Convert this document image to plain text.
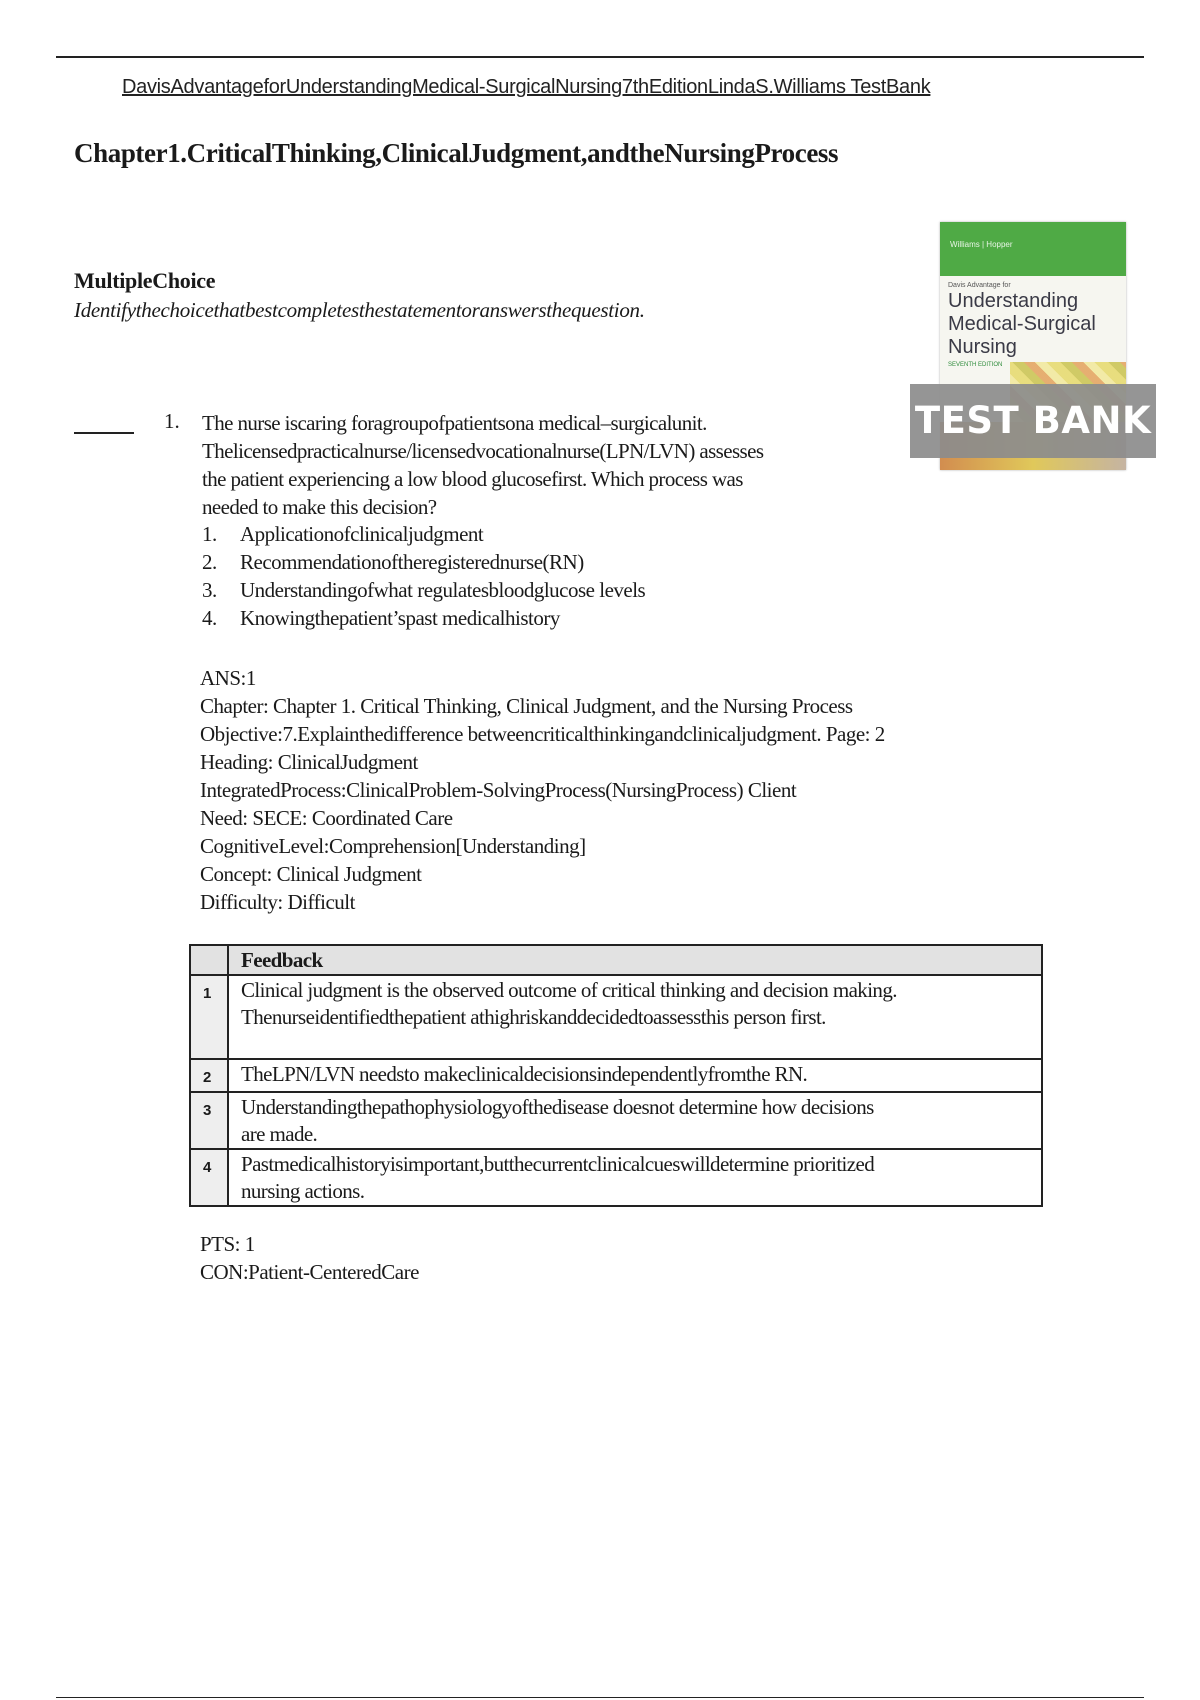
DavisAdvantageforUnderstandingMedical-SurgicalNursing7thEditionLindaS.Williams TestBank
Chapter1.CriticalThinking,ClinicalJudgment,andtheNursingProcess
MultipleChoice
Identifythechoicethatbestcompletesthestatementoranswersthequestion.
Williams | Hopper
Davis Advantage for
Understanding
Medical-Surgical
Nursing
SEVENTH EDITION
TEST BANK
1. The nurse iscaring foragroupofpatientsona medical–surgicalunit.
Thelicensedpracticalnurse/licensedvocationalnurse(LPN/LVN) assesses
the patient experiencing a low blood glucosefirst. Which process was
needed to make this decision?
1.	Applicationofclinicaljudgment
2.	Recommendationoftheregisterednurse(RN)
3.	Understandingofwhat regulatesbloodglucose levels
4.	Knowingthepatient’spast medicalhistory
ANS:1
Chapter: Chapter 1. Critical Thinking, Clinical Judgment, and the Nursing Process
Objective:7.Explainthedifference betweencriticalthinkingandclinicaljudgment. Page: 2
Heading: ClinicalJudgment
IntegratedProcess:ClinicalProblem-SolvingProcess(NursingProcess) Client
Need: SECE: Coordinated Care
CognitiveLevel:Comprehension[Understanding]
Concept: Clinical Judgment
Difficulty: Difficult
	Feedback
1	Clinical judgment is the observed outcome of critical thinking and decision making.
Thenurseidentifiedthepatient athighriskanddecidedtoassessthis person first.

2	TheLPN/LVN needsto makeclinicaldecisionsindependentlyfromthe RN.

3	Understandingthepathophysiologyofthedisease doesnot determine how decisions
are made.

4	Pastmedicalhistoryisimportant,butthecurrentclinicalcueswilldetermine prioritized
nursing actions.
PTS: 1
CON:Patient-CenteredCare
